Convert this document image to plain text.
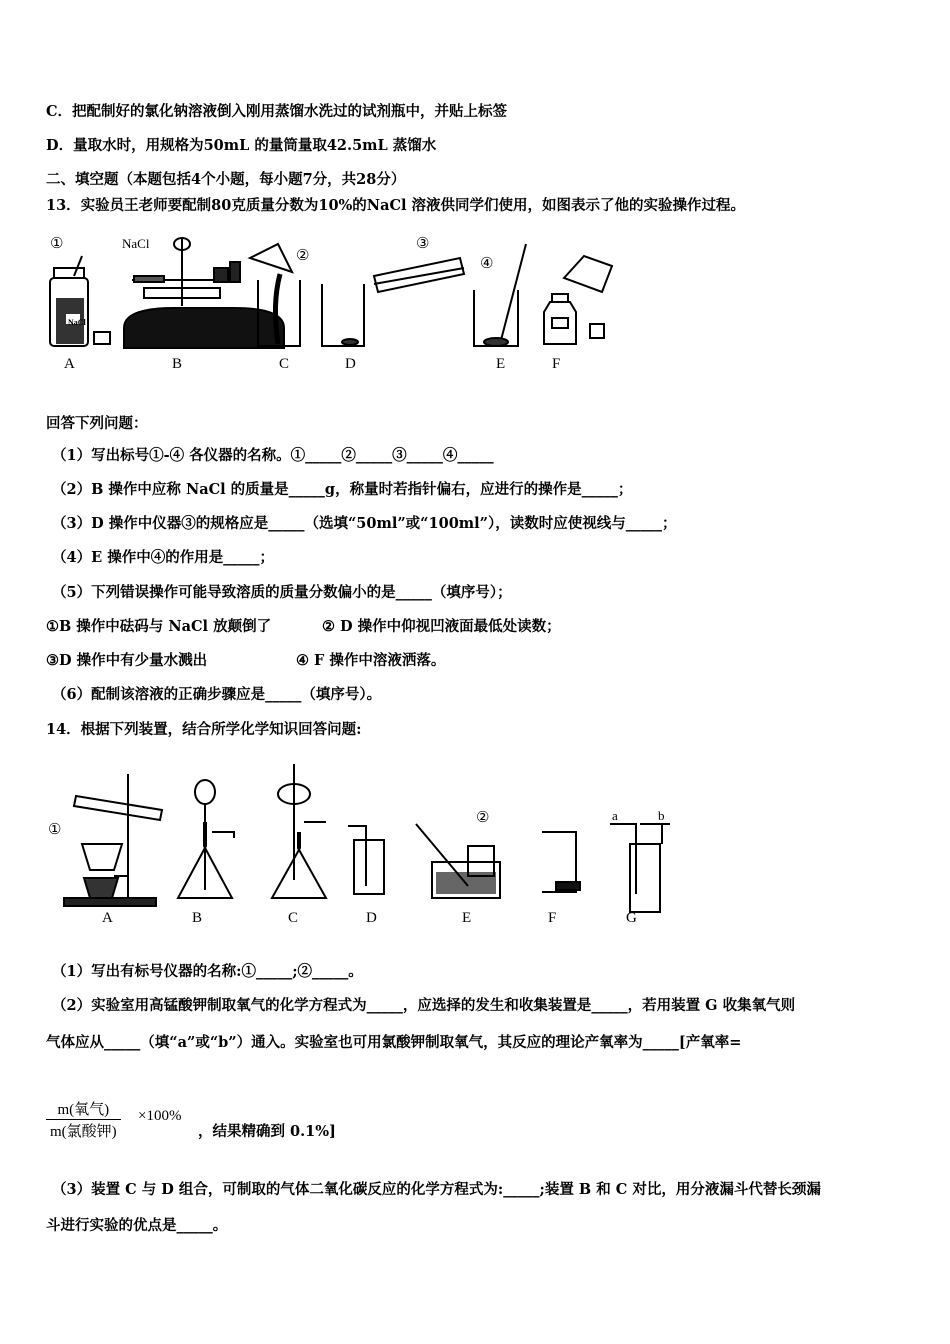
C．把配制好的氯化钠溶液倒入刚用蒸馏水洗过的试剂瓶中，并贴上标签
D．量取水时，用规格为50mL 的量筒量取42.5mL 蒸馏水
二、填空题（本题包括4个小题，每小题7分，共28分）
13．实验员王老师要配制80克质量分数为10%的NaCl 溶液供同学们使用，如图表示了他的实验操作过程。
①	NaCl
NaCl
②
③
④
A	B	C	D	E	F
回答下列问题：
（1）写出标号①-④ 各仪器的名称。①_____②_____③_____④_____
（2）B 操作中应称 NaCl 的质量是_____g，称量时若指针偏右，应进行的操作是_____；
（3）D 操作中仪器③的规格应是_____（选填“50ml”或“100ml”），读数时应使视线与_____；
（4）E 操作中④的作用是_____；
（5）下列错误操作可能导致溶质的质量分数偏小的是_____（填序号）；
①B 操作中砝码与 NaCl 放颠倒了	② D 操作中仰视凹液面最低处读数；
③D 操作中有少量水溅出	④ F 操作中溶液洒落。
（6）配制该溶液的正确步骤应是_____（填序号）。
14．根据下列装置，结合所学化学知识回答问题:
①
②	a	b
A	B	C	D	E	F	G
（1）写出有标号仪器的名称:①_____;②_____。
（2）实验室用高锰酸钾制取氧气的化学方程式为_____，应选择的发生和收集装置是_____，若用装置 G 收集氧气则
气体应从_____（填“a”或“b”）通入。实验室也可用氯酸钾制取氧气，其反应的理论产氧率为_____[产氧率=
m(氧气)
m(氯酸钾)
×100%
，结果精确到 0.1%]
（3）装置 C 与 D 组合，可制取的气体二氧化碳反应的化学方程式为:_____;装置 B 和 C 对比，用分液漏斗代替长颈漏
斗进行实验的优点是_____。
